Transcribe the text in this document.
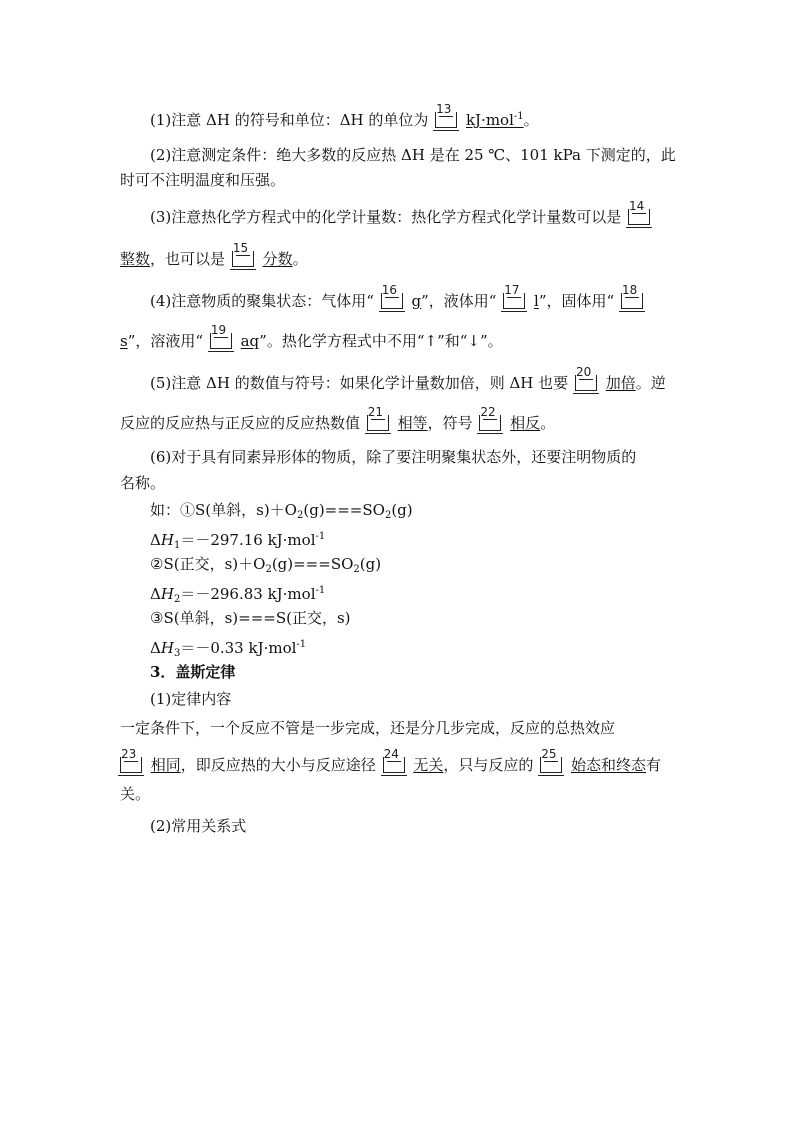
(1)注意 ΔH 的符号和单位：ΔH 的单位为
13
kJ·mol$^{-1}$。
(2)注意测定条件：绝大多数的反应热 ΔH 是在 25 ℃、101 kPa 下测定的，此
时可不注明温度和压强。
(3)注意热化学方程式中的化学计量数：热化学方程式化学计量数可以是
14
整数，也可以是
15
分数。
(4)注意物质的聚集状态：气体用“
16
g”，液体用“
17
l”，固体用“
18
s”，溶液用“
19
aq”。热化学方程式中不用“↑”和“↓”。
(5)注意 ΔH 的数值与符号：如果化学计量数加倍，则 ΔH 也要
20
加倍。逆
反应的反应热与正反应的反应热数值
21
相等，符号
22
相反。
(6)对于具有同素异形体的物质，除了要注明聚集状态外，还要注明物质的
名称。
如：①S(单斜，$s)+O_2(g)===SO_2(g)$
$\Delta H_1=-297.16$ kJ·mol$^{-1}$
②S(正交，$s)+O_2(g)===SO_2(g)$
$\Delta H_2=-296.83$ kJ·mol$^{-1}$
③S(单斜，s)===S(正交，s)
$\Delta H_3=-0.33$ kJ·mol$^{-1}$
3．盖斯定律
(1)定律内容
一定条件下，一个反应不管是一步完成，还是分几步完成，反应的总热效应
23
相同，即反应热的大小与反应途径
24
无关，只与反应的
25
始态和终态有
关。
(2)常用关系式
